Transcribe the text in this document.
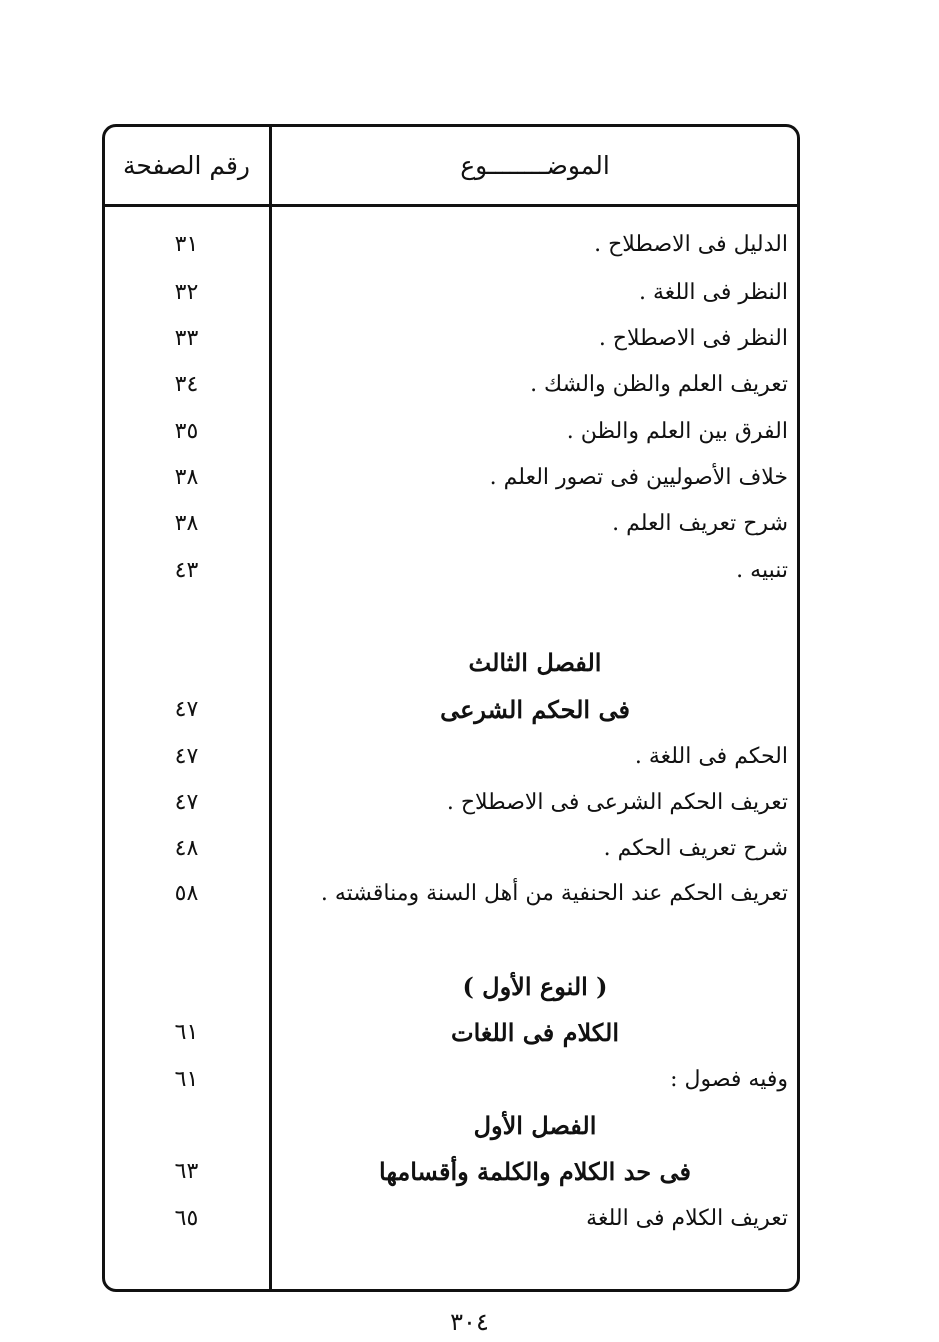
الموضــــــــوع
رقم الصفحة
الدليل فى الاصطلاح .
٣١
النظر فى اللغة .
٣٢
النظر فى الاصطلاح .
٣٣
تعريف العلم والظن والشك .
٣٤
الفرق بين العلم والظن .
٣٥
خلاف الأصوليين فى تصور العلم .
٣٨
شرح تعريف العلم .
٣٨
تنبيه .
٤٣
الفصل الثالث
فى الحكم الشرعى
٤٧
الحكم فى اللغة .
٤٧
تعريف الحكم الشرعى فى الاصطلاح .
٤٧
شرح تعريف الحكم .
٤٨
تعريف الحكم عند الحنفية من أهل السنة ومناقشته .
٥٨
( النوع الأول )
الكلام فى اللغات
٦١
وفيه فصول :
٦١
الفصل الأول
فى حد الكلام والكلمة وأقسامها
٦٣
تعريف الكلام فى اللغة
٦٥
٣٠٤
